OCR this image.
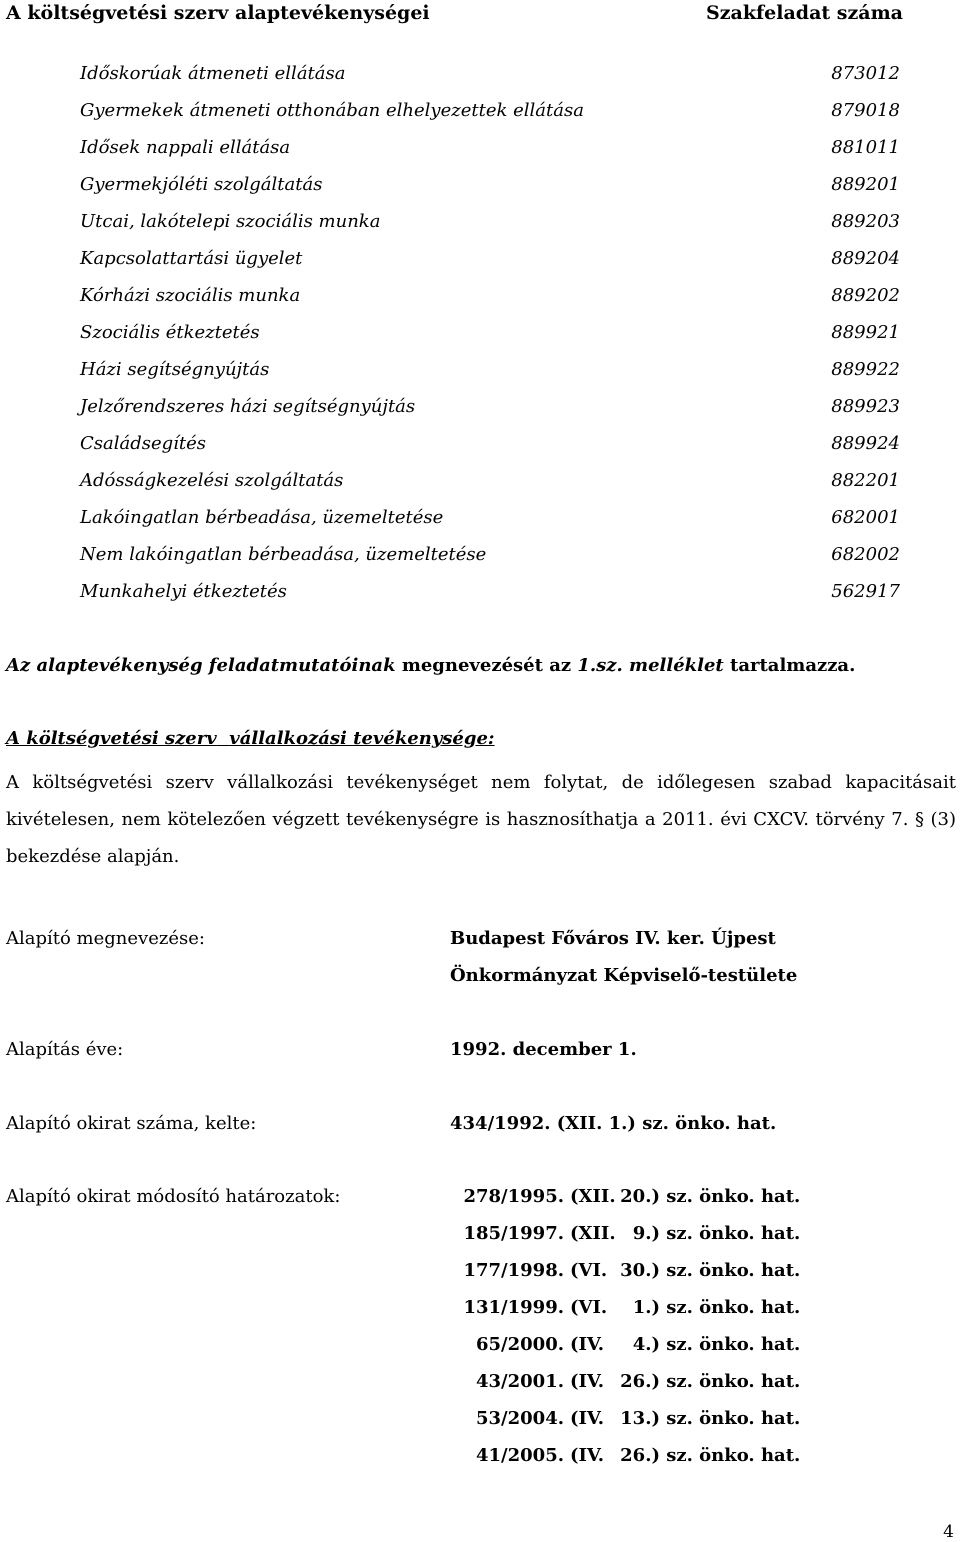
A költségvetési szerv alaptevékenységei	Szakfeladat száma
Időskorúak átmeneti ellátása	873012
Gyermekek átmeneti otthonában elhelyezettek ellátása	879018
Idősek nappali ellátása	881011
Gyermekjóléti szolgáltatás	889201
Utcai, lakótelepi szociális munka	889203
Kapcsolattartási ügyelet	889204
Kórházi szociális munka	889202
Szociális étkeztetés	889921
Házi segítségnyújtás	889922
Jelzőrendszeres házi segítségnyújtás	889923
Családsegítés	889924
Adósságkezelési szolgáltatás	882201
Lakóingatlan bérbeadása, üzemeltetése	682001
Nem lakóingatlan bérbeadása, üzemeltetése	682002
Munkahelyi étkeztetés	562917
Az alaptevékenység feladatmutatóinak megnevezését az 1.sz. melléklet tartalmazza.
A költségvetési szerv vállalkozási tevékenysége:
A költségvetési szerv vállalkozási tevékenységet nem folytat, de időlegesen szabad kapacitásait kivételesen, nem kötelezően végzett tevékenységre is hasznosíthatja a 2011. évi CXCV. törvény 7. § (3) bekezdése alapján.
Alapító megnevezése:	Budapest Főváros IV. ker. Újpest
Önkormányzat Képviselő-testülete
Alapítás éve:	1992. december 1.
Alapító okirat száma, kelte:	434/1992. (XII. 1.) sz. önko. hat.
Alapító okirat módosító határozatok:	278/1995. (XII. 20.) sz. önko. hat.
185/1997. (XII. 9.) sz. önko. hat.
177/1998. (VI. 30.) sz. önko. hat.
131/1999. (VI. 1.) sz. önko. hat.
65/2000. (IV. 4.) sz. önko. hat.
43/2001. (IV. 26.) sz. önko. hat.
53/2004. (IV. 13.) sz. önko. hat.
41/2005. (IV. 26.) sz. önko. hat.
4
